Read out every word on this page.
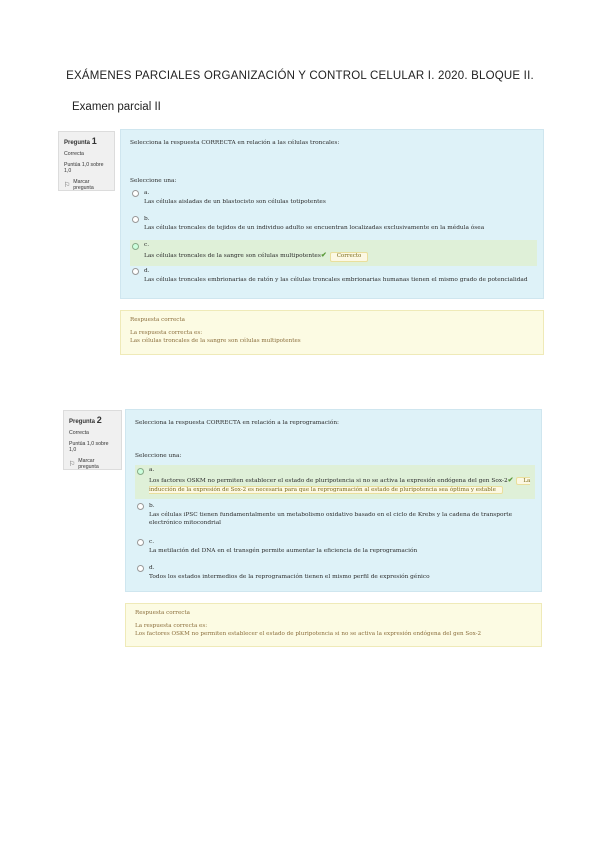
EXÁMENES PARCIALES ORGANIZACIÓN Y CONTROL CELULAR I. 2020. BLOQUE II.
Examen parcial II
Pregunta 1
Correcta
Puntúa 1,0 sobre 1,0
⚐ Marcar pregunta
Selecciona la respuesta CORRECTA en relación a las células troncales:
Seleccione una:
a.
Las células aisladas de un blastocisto son células totipotentes
b.
Las células troncales de tejidos de un individuo adulto se encuentran localizadas exclusivamente en la médula ósea
c.
Las células troncales de la sangre son células multipotentes✔ Correcto
d.
Las células troncales embrionarias de ratón y las células troncales embrionarias humanas tienen el mismo grado de potencialidad
Respuesta correcta
La respuesta correcta es:
Las células troncales de la sangre son células multipotentes
Pregunta 2
Correcta
Puntúa 1,0 sobre 1,0
⚐ Marcar pregunta
Selecciona la respuesta CORRECTA en relación a la reprogramación:
Seleccione una:
a.
Los factores OSKM no permiten establecer el estado de pluripotencia si no se activa la expresión endógena del gen Sox-2✔ La inducción de la expresión de Sox-2 es necesaria para que la reprogramación al estado de pluripotencia sea óptima y estable
b.
Las células iPSC tienen fundamentalmente un metabolismo oxidativo basado en el ciclo de Krebs y la cadena de transporte electrónico mitocondrial
c.
La metilación del DNA en el transgén permite aumentar la eficiencia de la reprogramación
d.
Todos los estados intermedios de la reprogramación tienen el mismo perfil de expresión génico
Respuesta correcta
La respuesta correcta es:
Los factores OSKM no permiten establecer el estado de pluripotencia si no se activa la expresión endógena del gen Sox-2
